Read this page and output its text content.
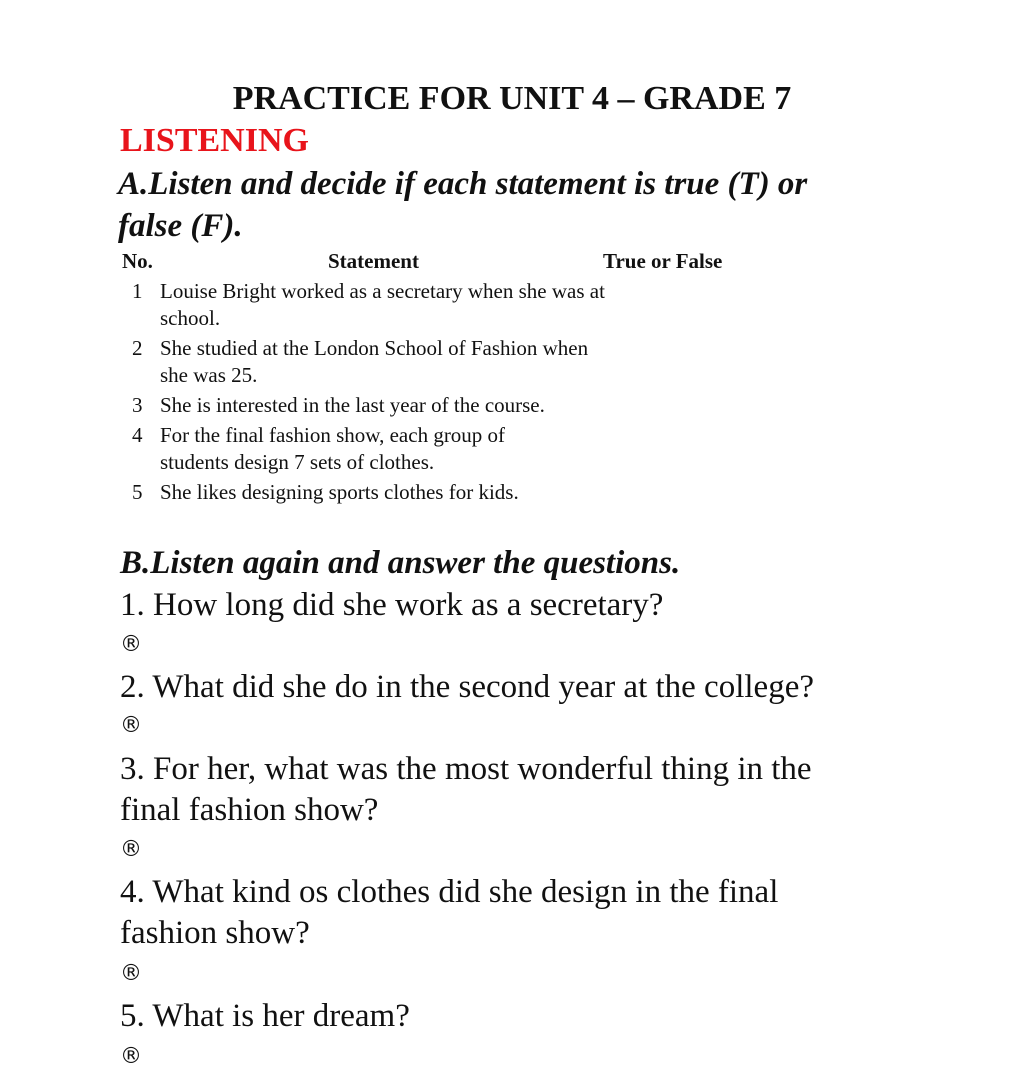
PRACTICE FOR UNIT 4 – GRADE 7
LISTENING
A.Listen and decide if each statement is true (T) or false (F).
No.	Statement	True or False
1 Louise Bright worked as a secretary when she was at school.
2 She studied at the London School of Fashion when she was 25.
3 She is interested in the last year of the course.
4 For the final fashion show, each group of students design 7 sets of clothes.
5 She likes designing sports clothes for kids.
B.Listen again and answer the questions.
1. How long did she work as a secretary?
®
2. What did she do in the second year at the college?
®
3. For her, what was the most wonderful thing in the final fashion show?
®
4. What kind os clothes did she design in the final fashion show?
®
5. What is her dream?
®
